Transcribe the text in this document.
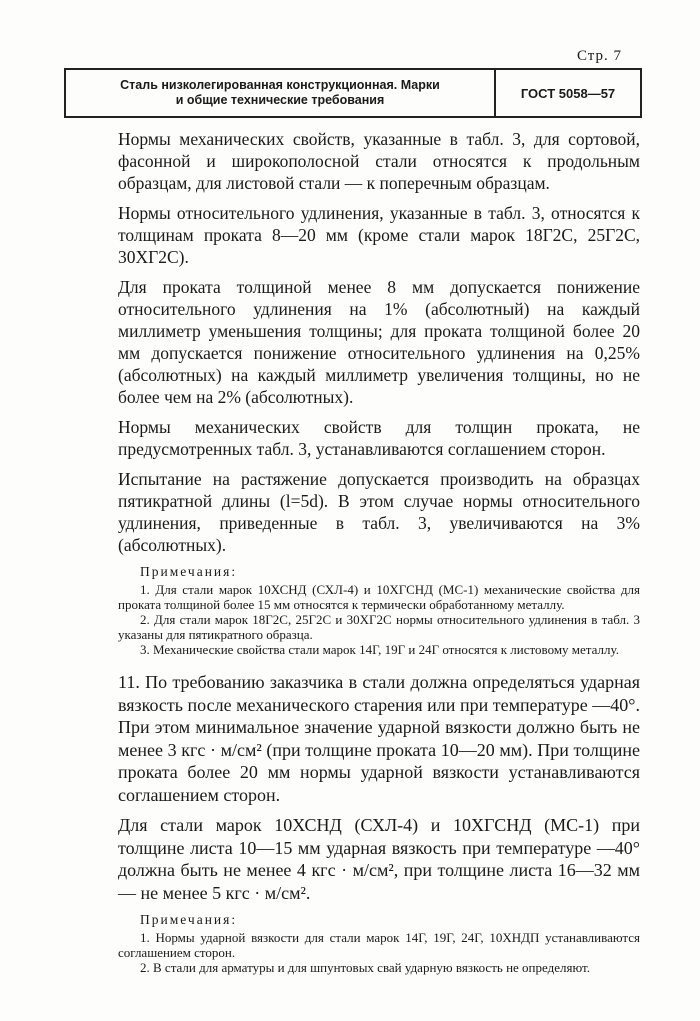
Стр. 7
Сталь низколегированная конструкционная. Марки
и общие технические требования	ГОСТ 5058—57

Нормы механических свойств, указанные в табл. 3, для сортовой, фасонной и широкополосной стали относятся к продольным образцам, для листовой стали — к поперечным образцам.

Нормы относительного удлинения, указанные в табл. 3, относятся к толщинам проката 8—20 мм (кроме стали марок 18Г2С, 25Г2С, 30ХГ2С).

Для проката толщиной менее 8 мм допускается понижение относительного удлинения на 1% (абсолютный) на каждый миллиметр уменьшения толщины; для проката толщиной более 20 мм допускается понижение относительного удлинения на 0,25% (абсолютных) на каждый миллиметр увеличения толщины, но не более чем на 2% (абсолютных).

Нормы механических свойств для толщин проката, не предусмотренных табл. 3, устанавливаются соглашением сторон.

Испытание на растяжение допускается производить на образцах пятикратной длины (l=5d). В этом случае нормы относительного удлинения, приведенные в табл. 3, увеличиваются на 3% (абсолютных).

Примечания:

1. Для стали марок 10ХСНД (СХЛ-4) и 10ХГСНД (МС-1) механические свойства для проката толщиной более 15 мм относятся к термически обработанному металлу.

2. Для стали марок 18Г2С, 25Г2С и 30ХГ2С нормы относительного удлинения в табл. 3 указаны для пятикратного образца.

3. Механические свойства стали марок 14Г, 19Г и 24Г относятся к листовому металлу.

11. По требованию заказчика в стали должна определяться ударная вязкость после механического старения или при температуре —40°. При этом минимальное значение ударной вязкости должно быть не менее 3 кгс · м/см² (при толщине проката 10—20 мм). При толщине проката более 20 мм нормы ударной вязкости устанавливаются соглашением сторон.

Для стали марок 10ХСНД (СХЛ-4) и 10ХГСНД (МС-1) при толщине листа 10—15 мм ударная вязкость при температуре —40° должна быть не менее 4 кгс · м/см², при толщине листа 16—32 мм — не менее 5 кгс · м/см².

Примечания:

1. Нормы ударной вязкости для стали марок 14Г, 19Г, 24Г, 10ХНДП устанавливаются соглашением сторон.

2. В стали для арматуры и для шпунтовых свай ударную вязкость не определяют.
